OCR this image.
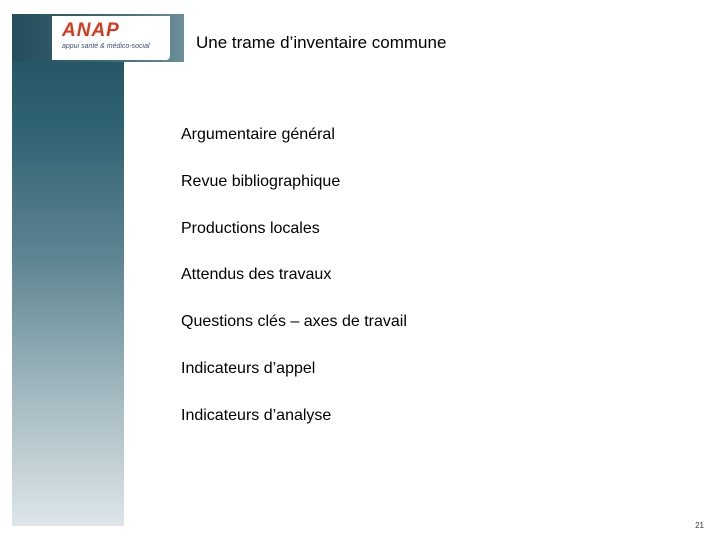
ANAP
appui santé & médico-social	Une trame d’inventaire commune
Argumentaire général
Revue bibliographique
Productions locales
Attendus des travaux
Questions clés – axes de travail
Indicateurs d’appel
Indicateurs d’analyse
21
